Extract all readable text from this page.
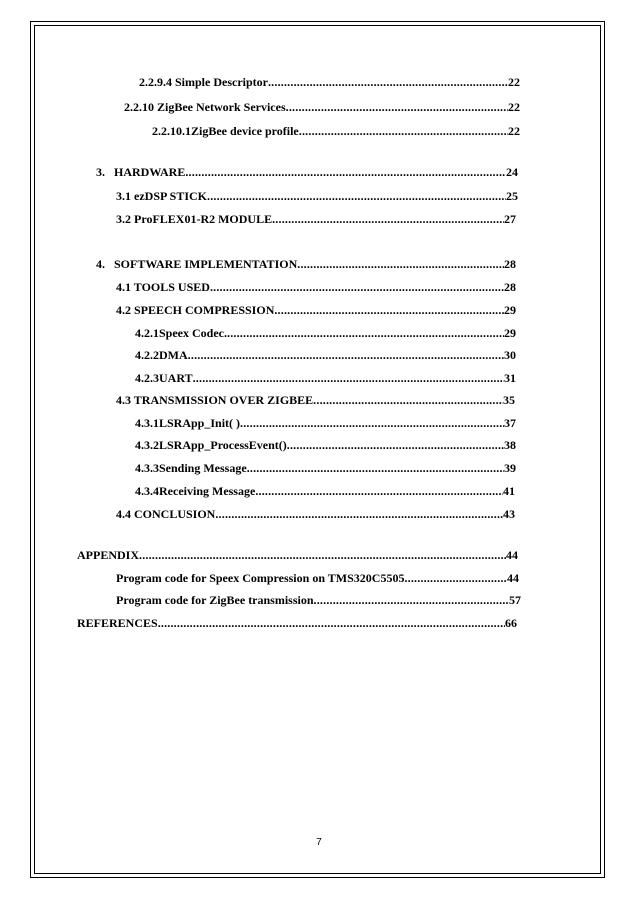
2.2.9.4 Simple Descriptor .....	22
2.2.10 ZigBee Network Services .....	22
2.2.10.1 ZigBee device profile .....	22
3.   HARDWARE .....	24
3.1 ezDSP STICK .....	25
3.2 ProFLEX01-R2 MODULE .....	27
4.   SOFTWARE IMPLEMENTATION .....	28
4.1 TOOLS USED .....	28
4.2 SPEECH COMPRESSION .....	29
4.2.1 Speex Codec. .....	29
4.2.2 DMA .....	30
4.2.3 UART .....	31
4.3 TRANSMISSION OVER ZIGBEE .....	35
4.3.1 LSRApp_Init( ) .....	37
4.3.2 LSRApp_ProcessEvent() .....	38
4.3.3 Sending Message .....	39
4.3.4 Receiving Message .....	41
4.4 CONCLUSION .....	43
APPENDIX .....	44
Program code for Speex Compression on TMS320C5505 .....	44
Program code for ZigBee transmission .....	57
REFERENCES .....	66
7
